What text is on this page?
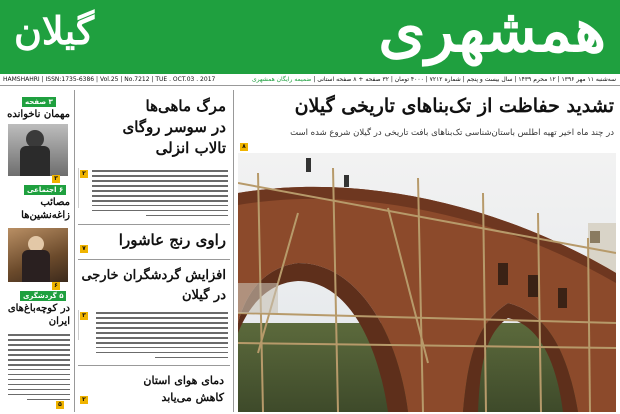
همشهری
گیلان
HAMSHAHRI | ISSN:1735-6386 | Vol.25 | No.7212 | TUE . OCT.03 . 2017	سه‌شنبه ۱۱ مهر ۱۳۹۶ | ۱۲ محرم ۱۴۳۹ | سال بیست و پنجم | شماره ۷۲۱۲ | ۴۰۰۰ تومان | ۳۲ صفحه + ۸ صفحه استانی | ضمیمه رایگان همشهری
۳ صفحه
مهمان ناخوانده
۳
۶ اجتماعی
مصائب زاغه‌نشین‌ها
۶
۵ گردشگری
در کوچه‌باغ‌های ایران
۵
مرگ ماهی‌ها
در سوسر روگای
تالاب انزلی
۲
راوی رنج عاشورا
۷
افزایش گردشگران خارجی
در گیلان
۳
دمای هوای استان
کاهش می‌یابد
۲
تشدید حفاظت از تک‌بناهای تاریخی گیلان
در چند ماه اخیر تهیه اطلس باستان‌شناسی تک‌بناهای بافت تاریخی در گیلان شروع شده است
۸
